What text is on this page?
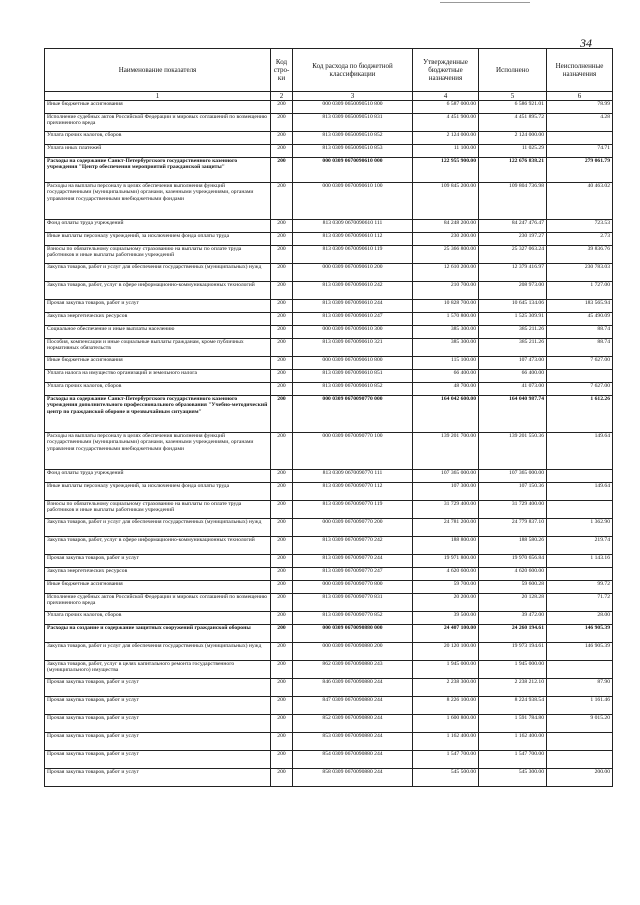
34
Наименование показателя	Код стро-ки	Код расхода по бюджетной классификации	Утвержденные бюджетные назначения	Исполнено	Неисполненные назначения
1	2	3	4	5	6
Иные бюджетные ассигнования	200	000 0309 0650090510 800	6 587 000.00	6 586 921.01	78.99
Исполнение судебных актов Российской Федерации и мировых соглашений по возмещению причиненного вреда	200	813 0309 0650090510 831	4 451 900.00	4 451 895.72	4.28
Уплата прочих налогов, сборов	200	813 0309 0650090510 852	2 124 000.00	2 124 000.00	
Уплата иных платежей	200	813 0309 0650090510 853	11 100.00	11 025.29	74.71
Расходы на содержание Санкт-Петербургского государственного казенного учреждения "Центр обеспечения мероприятий гражданской защиты"	200	000 0309 0670090610 000	122 955 900.00	122 676 838.21	279 061.79
Расходы на выплаты персоналу в целях обеспечения выполнения функций государственными (муниципальными) органами, казенными учреждениями, органами управления государственными внебюджетными фондами	200	000 0309 0670090610 100	109 845 200.00	109 804 736.98	40 463.02
Фонд оплаты труда учреждений	200	813 0309 0670090610 111	84 248 200.00	84 247 476.47	723.53
Иные выплаты персоналу учреждений, за исключением фонда оплаты труда	200	813 0309 0670090610 112	230 200.00	230 197.27	2.73
Взносы по обязательному социальному страхованию на выплаты по оплате труда работников и иные выплаты работникам учреждений	200	813 0309 0670090610 119	25 366 800.00	25 327 063.24	39 836.76
Закупка товаров, работ и услуг для обеспечения государственных (муниципальных) нужд	200	000 0309 0670090610 200	12 610 200.00	12 379 416.97	230 783.03
Закупка товаров, работ, услуг в сфере информационно-коммуникационных технологий	200	813 0309 0670090610 242	210 700.00	208 973.00	1 727.00
Прочая закупка товаров, работ и услуг	200	813 0309 0670090610 244	10 828 700.00	10 645 134.06	183 565.94
Закупка энергетических ресурсов	200	813 0309 0670090610 247	1 570 800.00	1 525 309.91	45 490.09
Социальное обеспечение и иные выплаты населению	200	000 0309 0670090610 300	385 300.00	385 211.26	88.74
Пособия, компенсации и иные социальные выплаты гражданам, кроме публичных нормативных обязательств	200	813 0309 0670090610 321	385 300.00	385 211.26	88.74
Иные бюджетные ассигнования	200	000 0309 0670090610 800	115 100.00	107 473.00	7 627.00
Уплата налога на имущество организаций и земельного налога	200	813 0309 0670090610 851	66 400.00	66 400.00	
Уплата прочих налогов, сборов	200	813 0309 0670090610 852	48 700.00	41 073.00	7 627.00
Расходы на содержание Санкт-Петербургского государственного казенного учреждения дополнительного профессионального образования "Учебно-методический центр по гражданской обороне и чрезвычайным ситуациям"	200	000 0309 0670090770 000	164 042 600.00	164 040 987.74	1 612.26
Расходы на выплаты персоналу в целях обеспечения выполнения функций государственными (муниципальными) органами, казенными учреждениями, органами управления государственными внебюджетными фондами	200	000 0309 0670090770 100	139 201 700.00	139 201 550.36	149.64
Фонд оплаты труда учреждений	200	813 0309 0670090770 111	107 365 000.00	107 365 000.00	
Иные выплаты персоналу учреждений, за исключением фонда оплаты труда	200	813 0309 0670090770 112	107 300.00	107 150.36	149.64
Взносы по обязательному социальному страхованию на выплаты по оплате труда работников и иные выплаты работникам учреждений	200	813 0309 0670090770 119	31 729 400.00	31 729 400.00	
Закупка товаров, работ и услуг для обеспечения государственных (муниципальных) нужд	200	000 0309 0670090770 200	24 781 200.00	24 779 837.10	1 362.90
Закупка товаров, работ, услуг в сфере информационно-коммуникационных технологий	200	813 0309 0670090770 242	188 800.00	188 580.26	219.74
Прочая закупка товаров, работ и услуг	200	813 0309 0670090770 244	19 971 800.00	19 970 656.84	1 143.16
Закупка энергетических ресурсов	200	813 0309 0670090770 247	4 620 600.00	4 620 600.00	
Иные бюджетные ассигнования	200	000 0309 0670090770 800	59 700.00	59 600.28	99.72
Исполнение судебных актов Российской Федерации и мировых соглашений по возмещению причиненного вреда	200	813 0309 0670090770 831	20 200.00	20 128.28	71.72
Уплата прочих налогов, сборов	200	813 0309 0670090770 852	39 500.00	39 472.00	28.00
Расходы на создание и содержание защитных сооружений гражданской обороны	200	000 0309 0670090880 000	24 407 100.00	24 260 194.61	146 905.39
Закупка товаров, работ и услуг для обеспечения государственных (муниципальных) нужд	200	000 0309 0670090880 200	20 120 100.00	19 973 194.61	146 905.39
Закупка товаров, работ, услуг в целях капитального ремонта государственного (муниципального) имущества	200	862 0309 0670090880 243	1 945 000.00	1 945 000.00	
Прочая закупка товаров, работ и услуг	200	846 0309 0670090880 244	2 238 300.00	2 238 212.10	87.90
Прочая закупка товаров, работ и услуг	200	847 0309 0670090880 244	8 226 100.00	8 224 938.54	1 161.46
Прочая закупка товаров, работ и услуг	200	852 0309 0670090880 244	1 600 800.00	1 591 784.80	9 015.20
Прочая закупка товаров, работ и услуг	200	853 0309 0670090880 244	1 162 400.00	1 162 400.00	
Прочая закупка товаров, работ и услуг	200	854 0309 0670090880 244	1 547 700.00	1 547 700.00	
Прочая закупка товаров, работ и услуг	200	858 0309 0670090880 244	545 500.00	545 300.00	200.00
